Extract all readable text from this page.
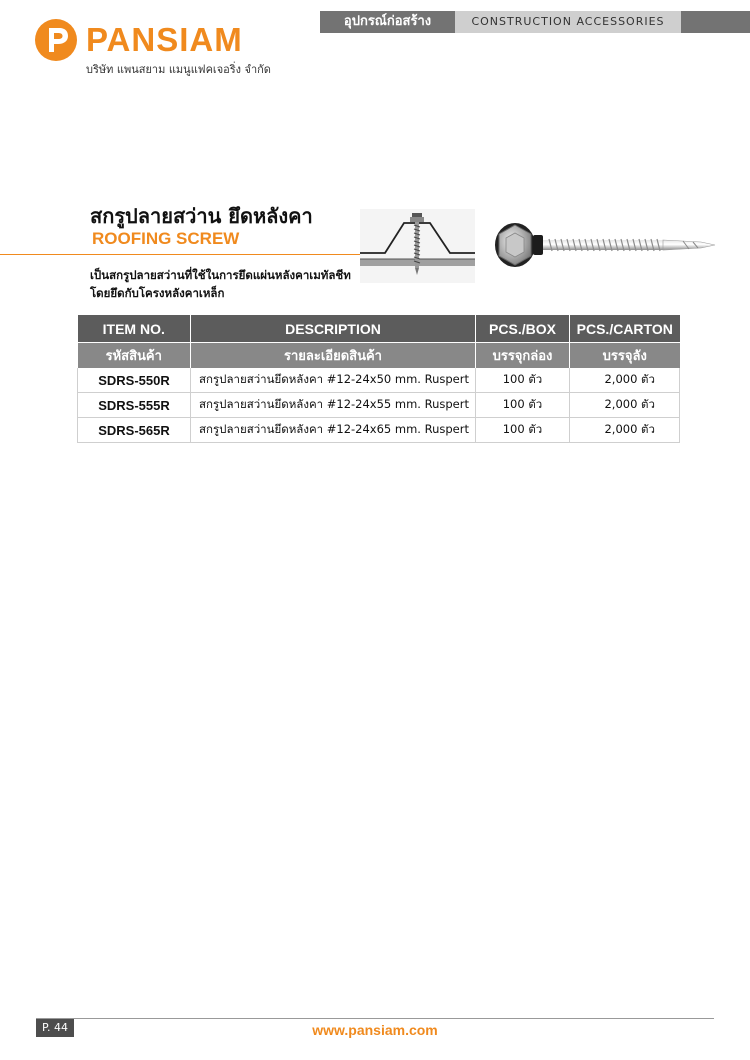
PANSIAM
บริษัท แพนสยาม แมนูแฟคเจอริ่ง จำกัด
อุปกรณ์ก่อสร้าง	CONSTRUCTION ACCESSORIES
สกรูปลายสว่าน ยึดหลังคา
ROOFING SCREW
เป็นสกรูปลายสว่านที่ใช้ในการยึดแผ่นหลังคาเมทัลชีท
โดยยึดกับโครงหลังคาเหล็ก
ITEM NO.	DESCRIPTION	PCS./BOX	PCS./CARTON
รหัสสินค้า	รายละเอียดสินค้า	บรรจุกล่อง	บรรจุลัง
SDRS-550R	สกรูปลายสว่านยึดหลังคา #12-24x50 mm. Ruspert	100 ตัว	2,000 ตัว
SDRS-555R	สกรูปลายสว่านยึดหลังคา #12-24x55 mm. Ruspert	100 ตัว	2,000 ตัว
SDRS-565R	สกรูปลายสว่านยึดหลังคา #12-24x65 mm. Ruspert	100 ตัว	2,000 ตัว
P. 44	www.pansiam.com
